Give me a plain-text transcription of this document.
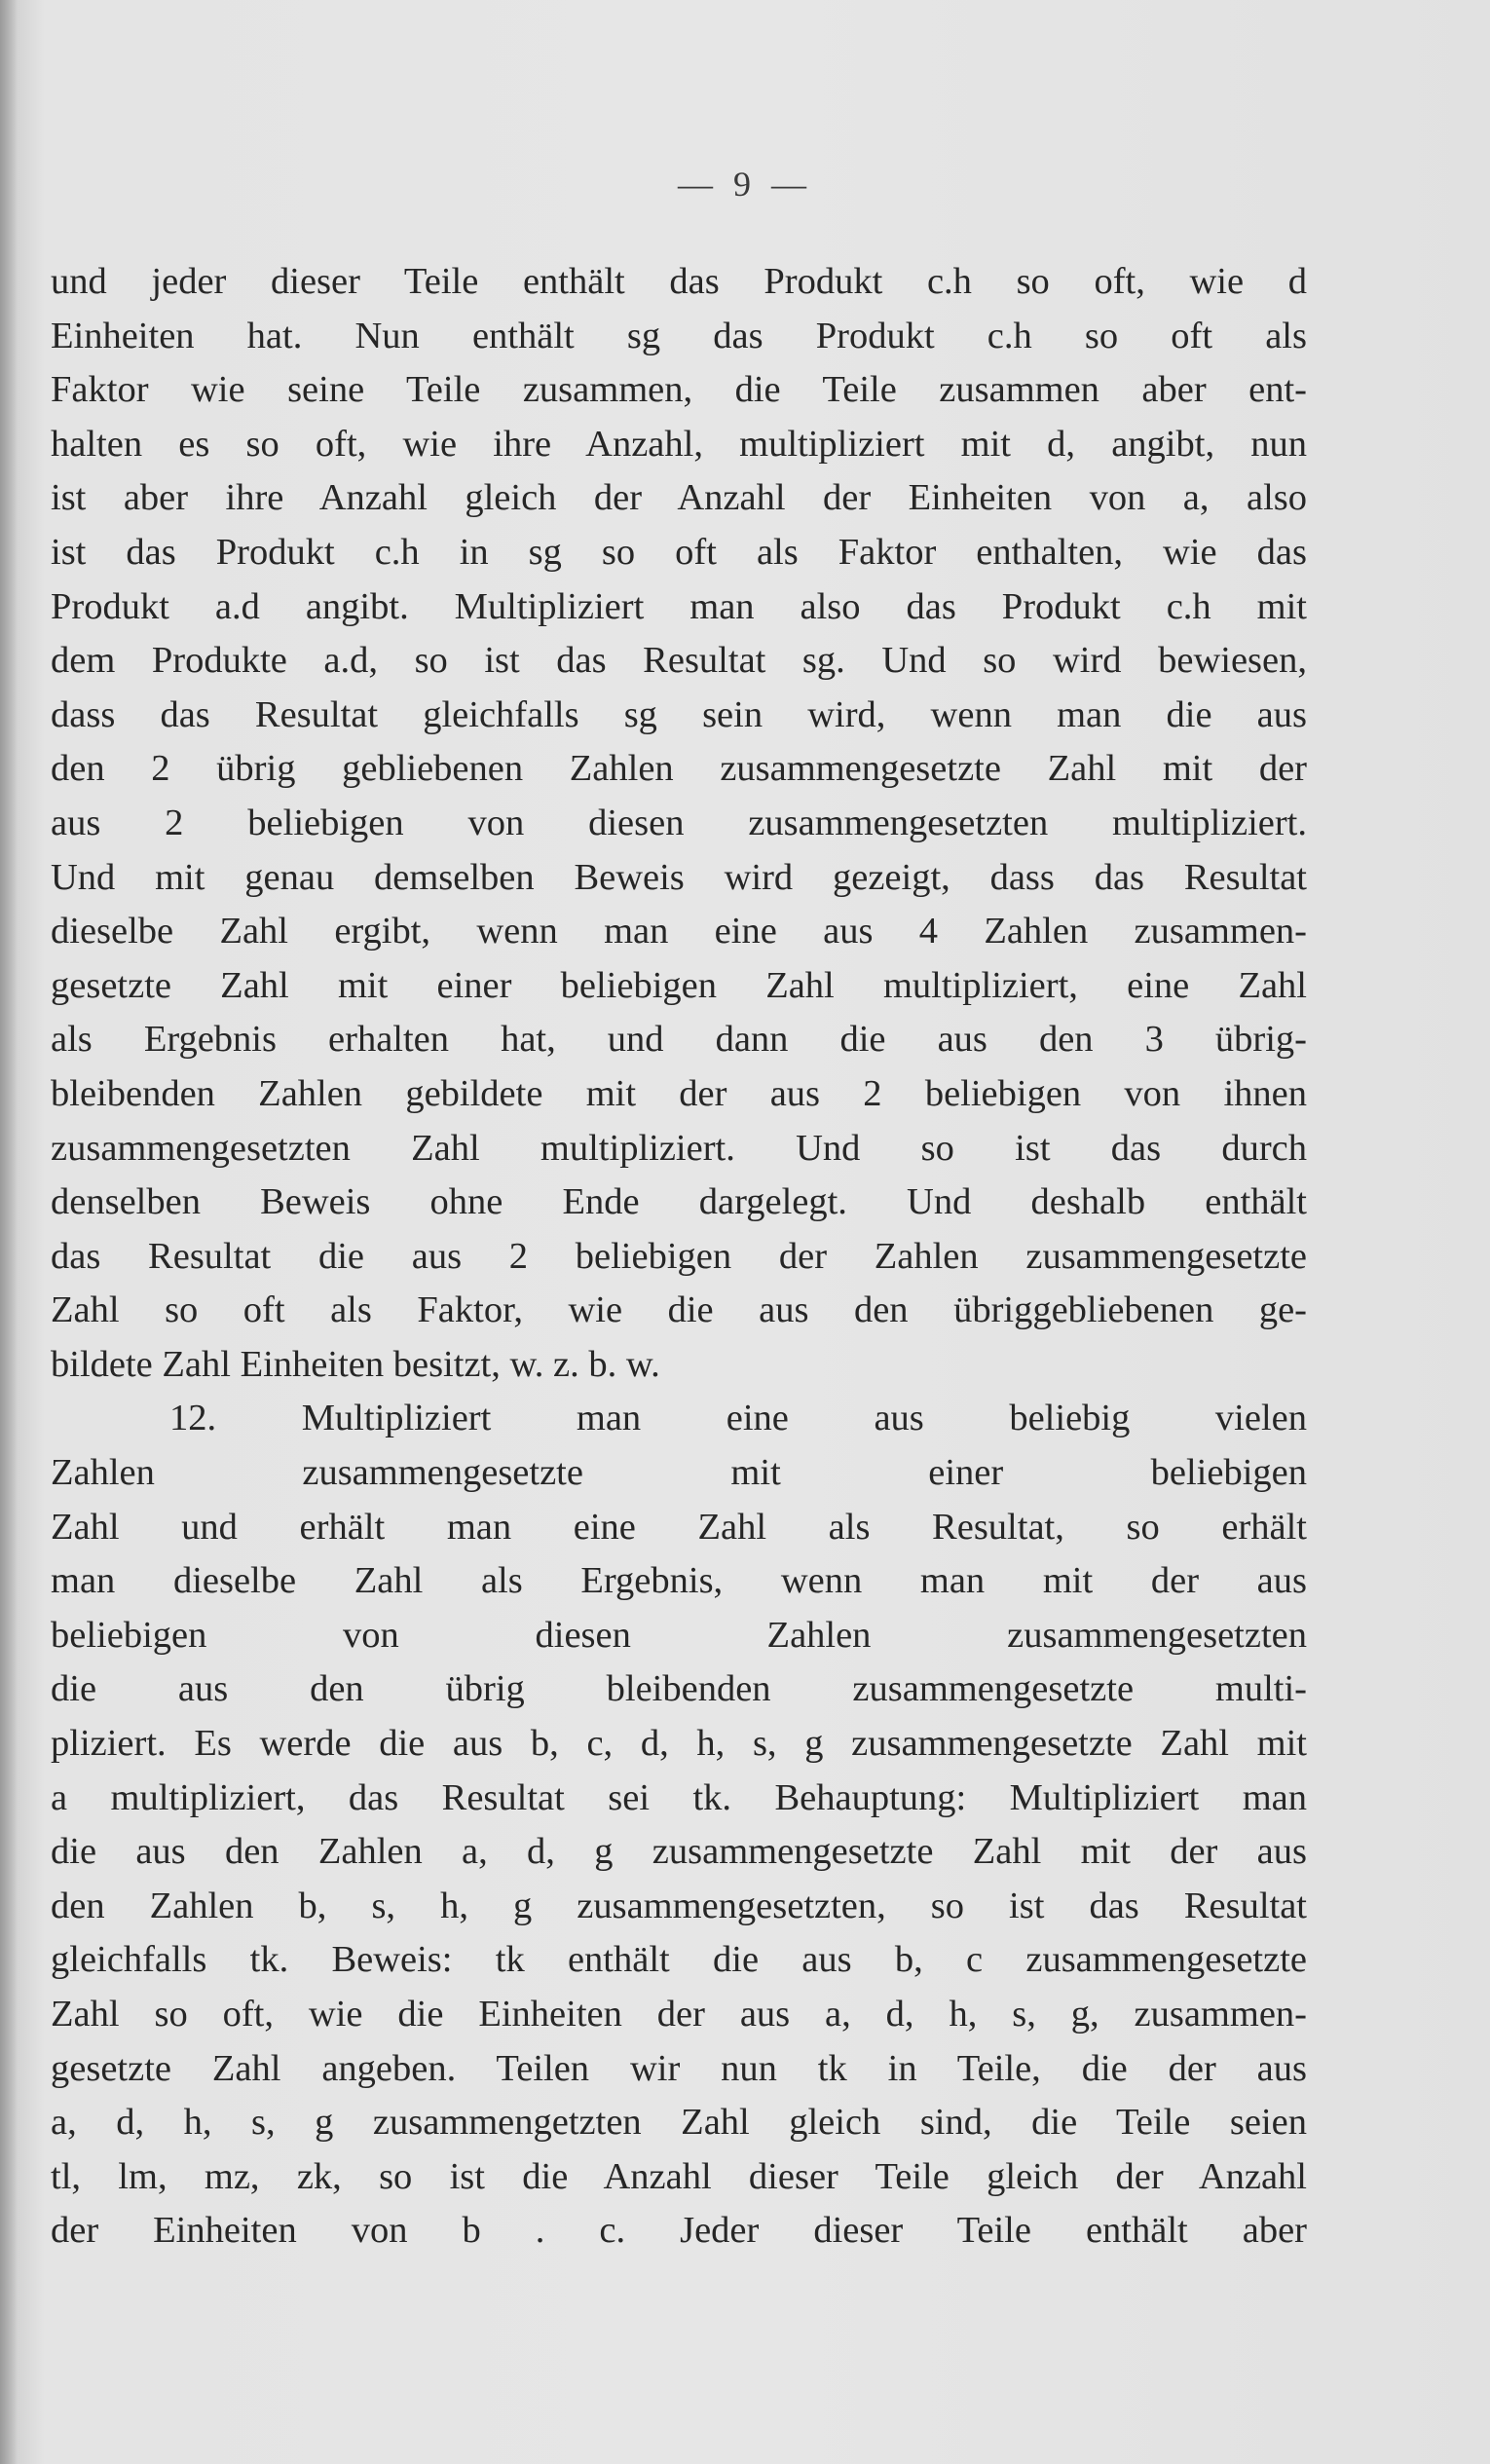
— 9 —
und jeder dieser Teile enthält das Produkt c.h so oft, wie d
Einheiten hat. Nun enthält sg das Produkt c.h so oft als
Faktor wie seine Teile zusammen, die Teile zusammen aber ent-
halten es so oft, wie ihre Anzahl, multipliziert mit d, angibt, nun
ist aber ihre Anzahl gleich der Anzahl der Einheiten von a, also
ist das Produkt c.h in sg so oft als Faktor enthalten, wie das
Produkt a.d angibt. Multipliziert man also das Produkt c.h mit
dem Produkte a.d, so ist das Resultat sg. Und so wird bewiesen,
dass das Resultat gleichfalls sg sein wird, wenn man die aus
den 2 übrig gebliebenen Zahlen zusammengesetzte Zahl mit der
aus 2 beliebigen von diesen zusammengesetzten multipliziert.
Und mit genau demselben Beweis wird gezeigt, dass das Resultat
dieselbe Zahl ergibt, wenn man eine aus 4 Zahlen zusammen-
gesetzte Zahl mit einer beliebigen Zahl multipliziert, eine Zahl
als Ergebnis erhalten hat, und dann die aus den 3 übrig-
bleibenden Zahlen gebildete mit der aus 2 beliebigen von ihnen
zusammengesetzten Zahl multipliziert. Und so ist das durch
denselben Beweis ohne Ende dargelegt. Und deshalb enthält
das Resultat die aus 2 beliebigen der Zahlen zusammengesetzte
Zahl so oft als Faktor, wie die aus den übriggebliebenen ge-
bildete Zahl Einheiten besitzt, w. z. b. w.
12. Multipliziert man eine aus beliebig vielen
Zahlen zusammengesetzte mit einer beliebigen
Zahl und erhält man eine Zahl als Resultat, so erhält
man dieselbe Zahl als Ergebnis, wenn man mit der aus
beliebigen von diesen Zahlen zusammengesetzten
die aus den übrig bleibenden zusammengesetzte multi-
pliziert. Es werde die aus b, c, d, h, s, g zusammengesetzte Zahl mit
a multipliziert, das Resultat sei tk. Behauptung: Multipliziert man
die aus den Zahlen a, d, g zusammengesetzte Zahl mit der aus
den Zahlen b, s, h, g zusammengesetzten, so ist das Resultat
gleichfalls tk. Beweis: tk enthält die aus b, c zusammengesetzte
Zahl so oft, wie die Einheiten der aus a, d, h, s, g, zusammen-
gesetzte Zahl angeben. Teilen wir nun tk in Teile, die der aus
a, d, h, s, g zusammengetzten Zahl gleich sind, die Teile seien
tl, lm, mz, zk, so ist die Anzahl dieser Teile gleich der Anzahl
der Einheiten von b . c. Jeder dieser Teile enthält aber
